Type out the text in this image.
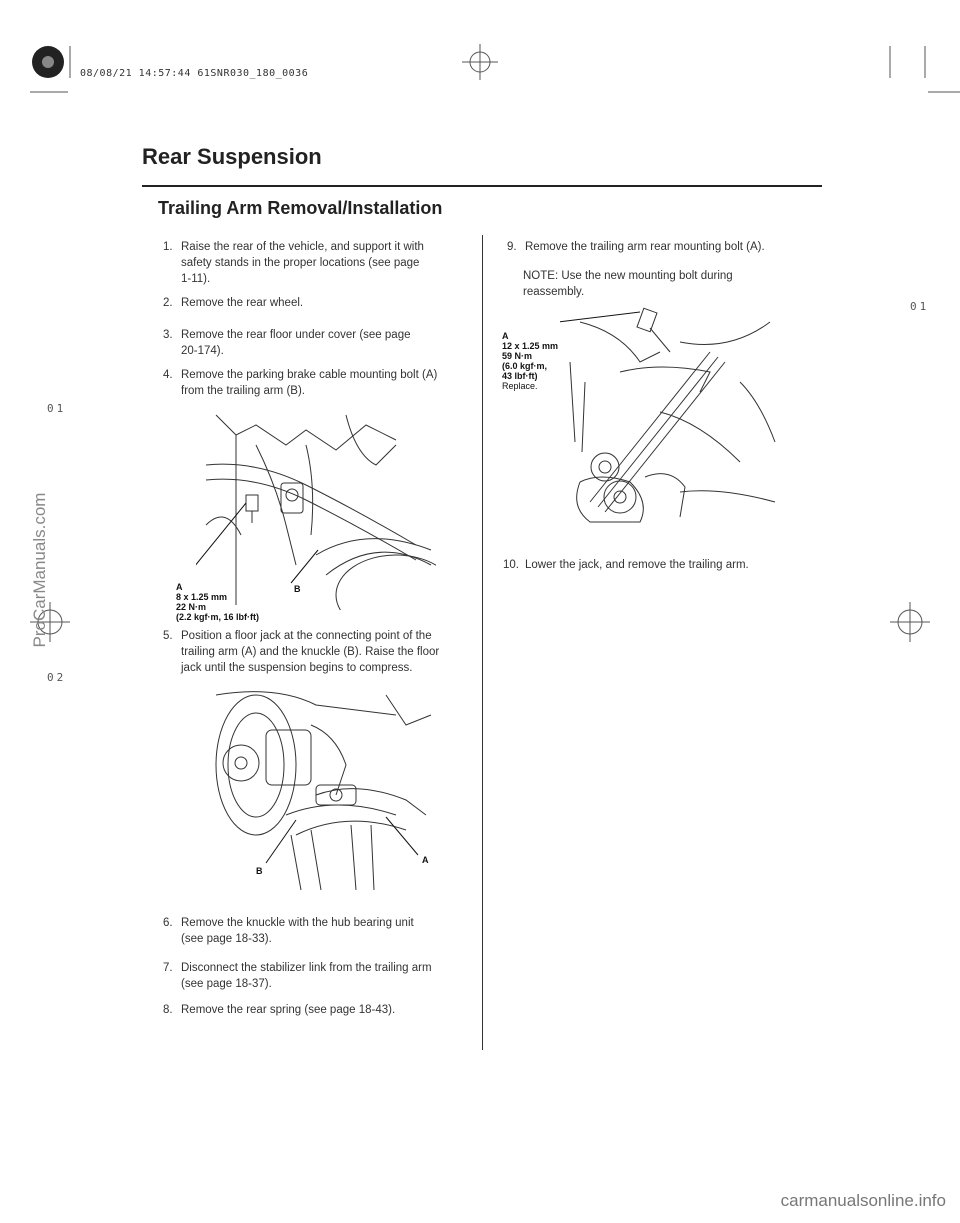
08/08/21 14:57:44 61SNR030_180_0036
Rear Suspension
Trailing Arm Removal/Installation
01
01
02
1. Raise the rear of the vehicle, and support it with
safety stands in the proper locations (see page
1-11).
2. Remove the rear wheel.
3. Remove the rear floor under cover (see page
20-174).
4. Remove the parking brake cable mounting bolt (A)
from the trailing arm (B).
A
8 x 1.25 mm
22 N·m
(2.2 kgf·m, 16 lbf·ft)
B
5. Position a floor jack at the connecting point of the
trailing arm (A) and the knuckle (B). Raise the floor
jack until the suspension begins to compress.
B
A
6. Remove the knuckle with the hub bearing unit
(see page 18-33).
7. Disconnect the stabilizer link from the trailing arm
(see page 18-37).
8. Remove the rear spring (see page 18-43).
9. Remove the trailing arm rear mounting bolt (A).
NOTE: Use the new mounting bolt during
reassembly.
A
12 x 1.25 mm
59 N·m
(6.0 kgf·m,
43 lbf·ft)
Replace.
10. Lower the jack, and remove the trailing arm.
ProCarManuals.com
carmanualsonline.info
